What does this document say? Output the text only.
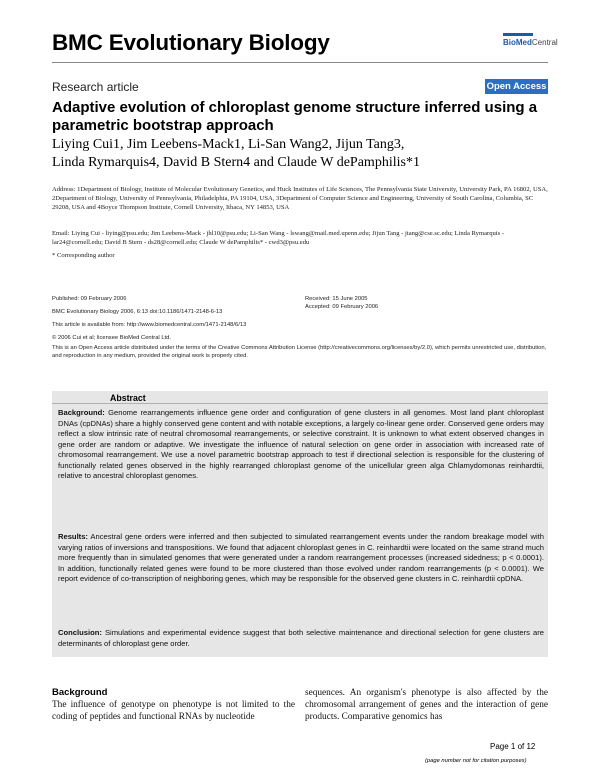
BMC Evolutionary Biology	BioMedCentral
Research article	Open Access
Adaptive evolution of chloroplast genome structure inferred using a parametric bootstrap approach
Liying Cui1, Jim Leebens-Mack1, Li-San Wang2, Jijun Tang3,
Linda Rymarquis4, David B Stern4 and Claude W dePamphilis*1
Address: 1Department of Biology, Institute of Molecular Evolutionary Genetics, and Huck Institutes of Life Sciences, The Pennsylvania State University, University Park, PA 16802, USA, 2Department of Biology, University of Pennsylvania, Philadelphia, PA 19104, USA, 3Department of Computer Science and Engineering, University of South Carolina, Columbia, SC 29208, USA and 4Boyce Thompson Institute, Cornell University, Ithaca, NY 14853, USA
Email: Liying Cui - liying@psu.edu; Jim Leebens-Mack - jhl10@psu.edu; Li-San Wang - lswang@mail.med.upenn.edu; Jijun Tang - jtang@cse.sc.edu; Linda Rymarquis - lar24@cornell.edu; David B Stern - ds28@cornell.edu; Claude W dePamphilis* - cwd3@psu.edu
* Corresponding author
Published: 09 February 2006
BMC Evolutionary Biology 2006, 6:13 doi:10.1186/1471-2148-6-13
This article is available from: http://www.biomedcentral.com/1471-2148/6/13
© 2006 Cui et al; licensee BioMed Central Ltd.
This is an Open Access article distributed under the terms of the Creative Commons Attribution License (http://creativecommons.org/licenses/by/2.0), which permits unrestricted use, distribution, and reproduction in any medium, provided the original work is properly cited.
Received: 15 June 2005
Accepted: 09 February 2006
Abstract
Background: Genome rearrangements influence gene order and configuration of gene clusters in all genomes. Most land plant chloroplast DNAs (cpDNAs) share a highly conserved gene content and with notable exceptions, a largely co-linear gene order. Conserved gene orders may reflect a slow intrinsic rate of neutral chromosomal rearrangements, or selective constraint. It is unknown to what extent observed changes in gene order are random or adaptive. We investigate the influence of natural selection on gene order in association with increased rate of chromosomal rearrangement. We use a novel parametric bootstrap approach to test if directional selection is responsible for the clustering of functionally related genes observed in the highly rearranged chloroplast genome of the unicellular green alga Chlamydomonas reinhardtii, relative to ancestral chloroplast genomes.
Results: Ancestral gene orders were inferred and then subjected to simulated rearrangement events under the random breakage model with varying ratios of inversions and transpositions. We found that adjacent chloroplast genes in C. reinhardtii were located on the same strand much more frequently than in simulated genomes that were generated under a random rearrangement processes (increased sidedness; p < 0.0001). In addition, functionally related genes were found to be more clustered than those evolved under random rearrangements (p < 0.0001). We report evidence of co-transcription of neighboring genes, which may be responsible for the observed gene clusters in C. reinhardtii cpDNA.
Conclusion: Simulations and experimental evidence suggest that both selective maintenance and directional selection for gene clusters are determinants of chloroplast gene order.
Background
The influence of genotype on phenotype is not limited to the coding of peptides and functional RNAs by nucleotide
sequences. An organism's phenotype is also affected by the chromosomal arrangement of genes and the interaction of gene products. Comparative genomics has
Page 1 of 12
(page number not for citation purposes)
